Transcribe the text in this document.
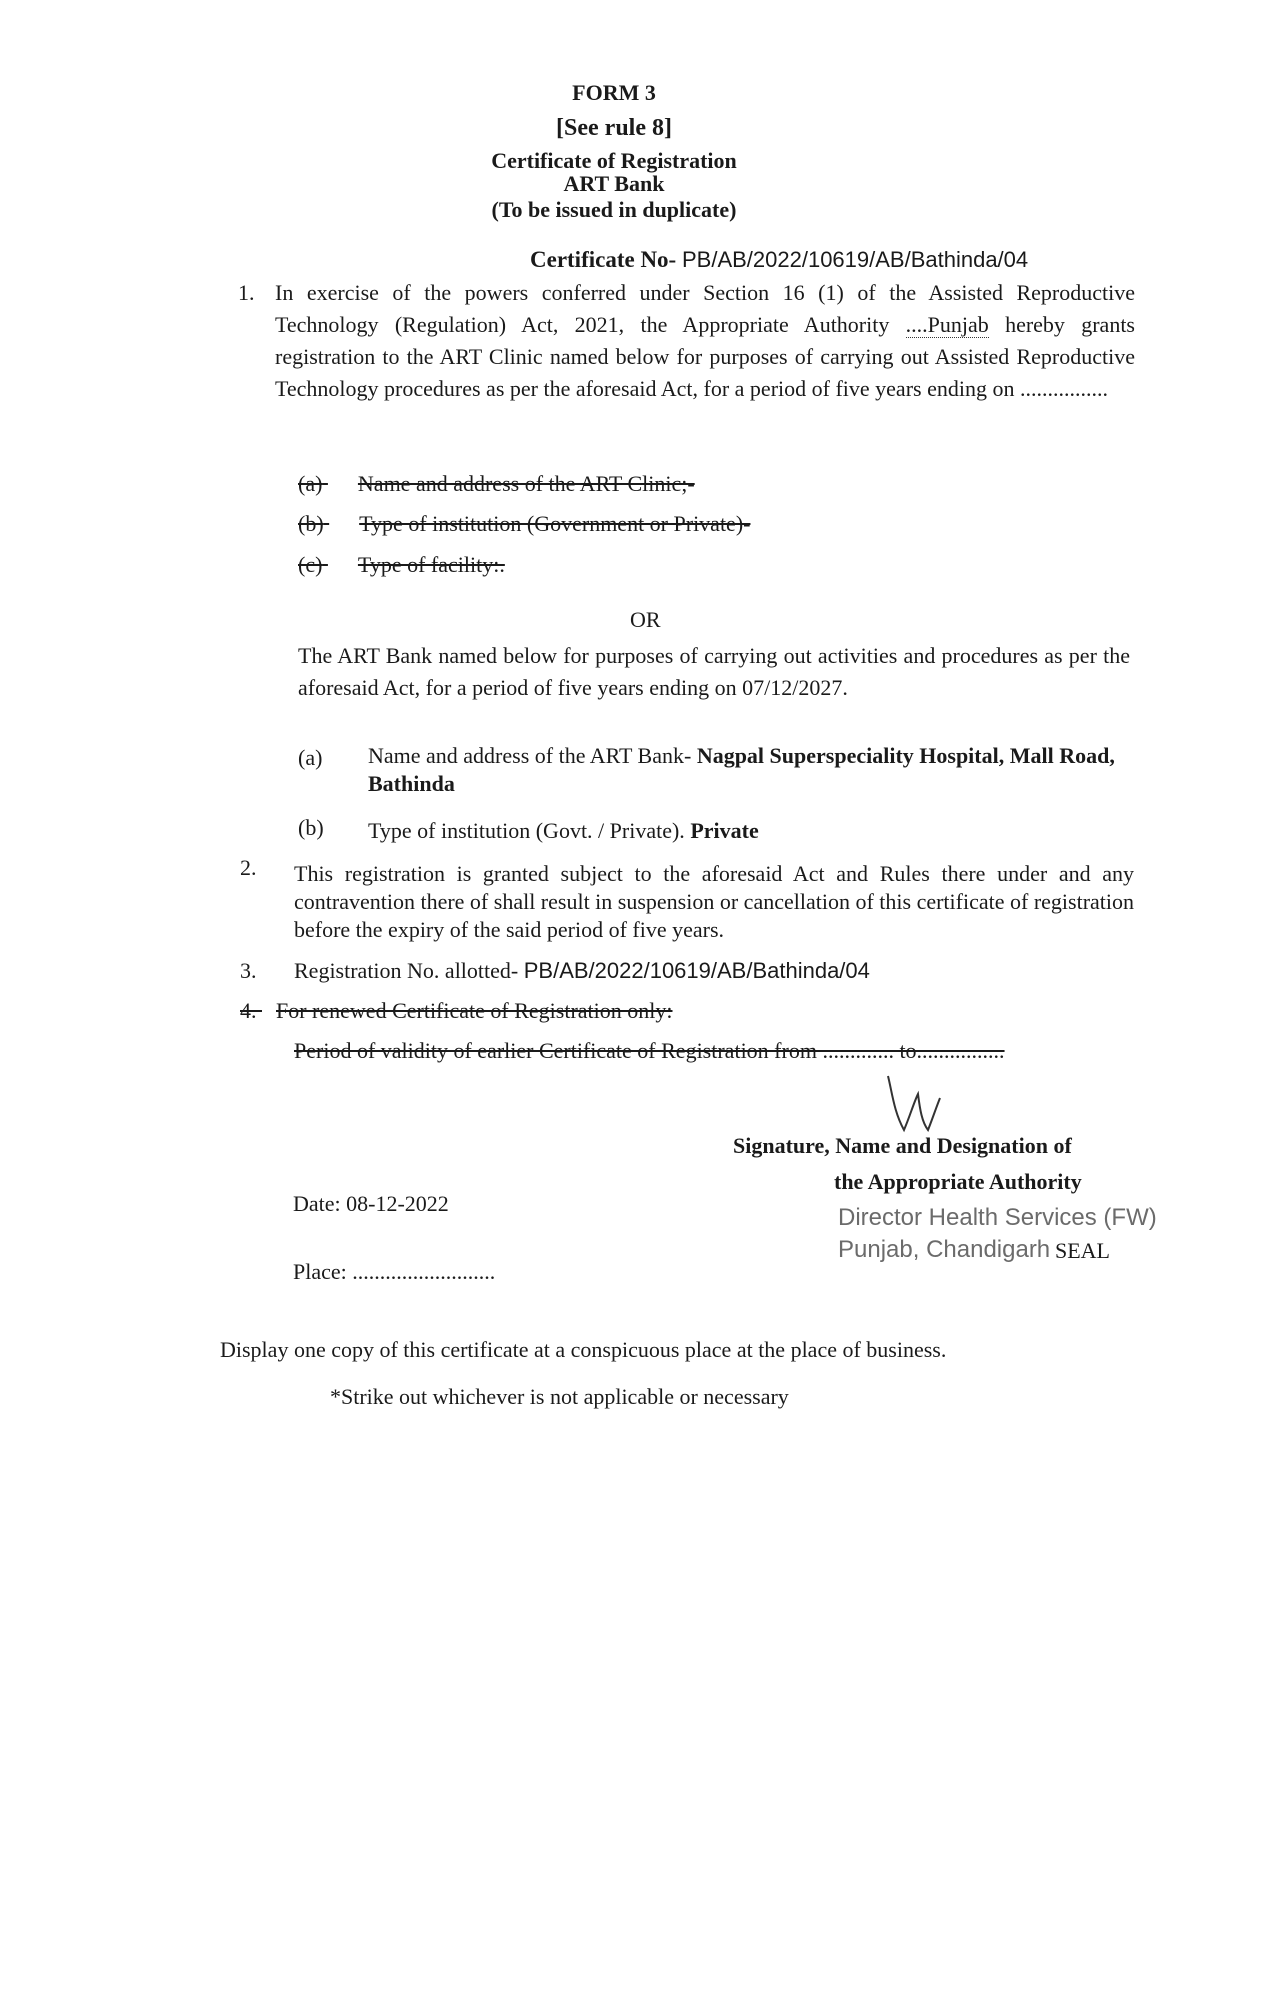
FORM 3
[See rule 8]
Certificate of Registration
ART Bank
(To be issued in duplicate)
Certificate No- PB/AB/2022/10619/AB/Bathinda/04
1. In exercise of the powers conferred under Section 16 (1) of the Assisted Reproductive Technology (Regulation) Act, 2021, the Appropriate Authority ....Punjab hereby grants registration to the ART Clinic named below for purposes of carrying out Assisted Reproductive Technology procedures as per the aforesaid Act, for a period of five years ending on ................
(a) Name and address of the ART Clinic;-
(b) Type of institution (Government or Private)-
(c) Type of facility:.
OR
The ART Bank named below for purposes of carrying out activities and procedures as per the aforesaid Act, for a period of five years ending on 07/12/2027.
(a) Name and address of the ART Bank- Nagpal Superspeciality Hospital, Mall Road, Bathinda
(b) Type of institution (Govt. / Private). Private
2. This registration is granted subject to the aforesaid Act and Rules there under and any contravention there of shall result in suspension or cancellation of this certificate of registration before the expiry of the said period of five years.
3. Registration No. allotted- PB/AB/2022/10619/AB/Bathinda/04
4. For renewed Certificate of Registration only:
Period of validity of earlier Certificate of Registration from ............. to................
Signature, Name and Designation of
the Appropriate Authority
Director Health Services (FW)
Punjab, Chandigarh SEAL
Date: 08-12-2022
Place: ..........................
Display one copy of this certificate at a conspicuous place at the place of business.
*Strike out whichever is not applicable or necessary
